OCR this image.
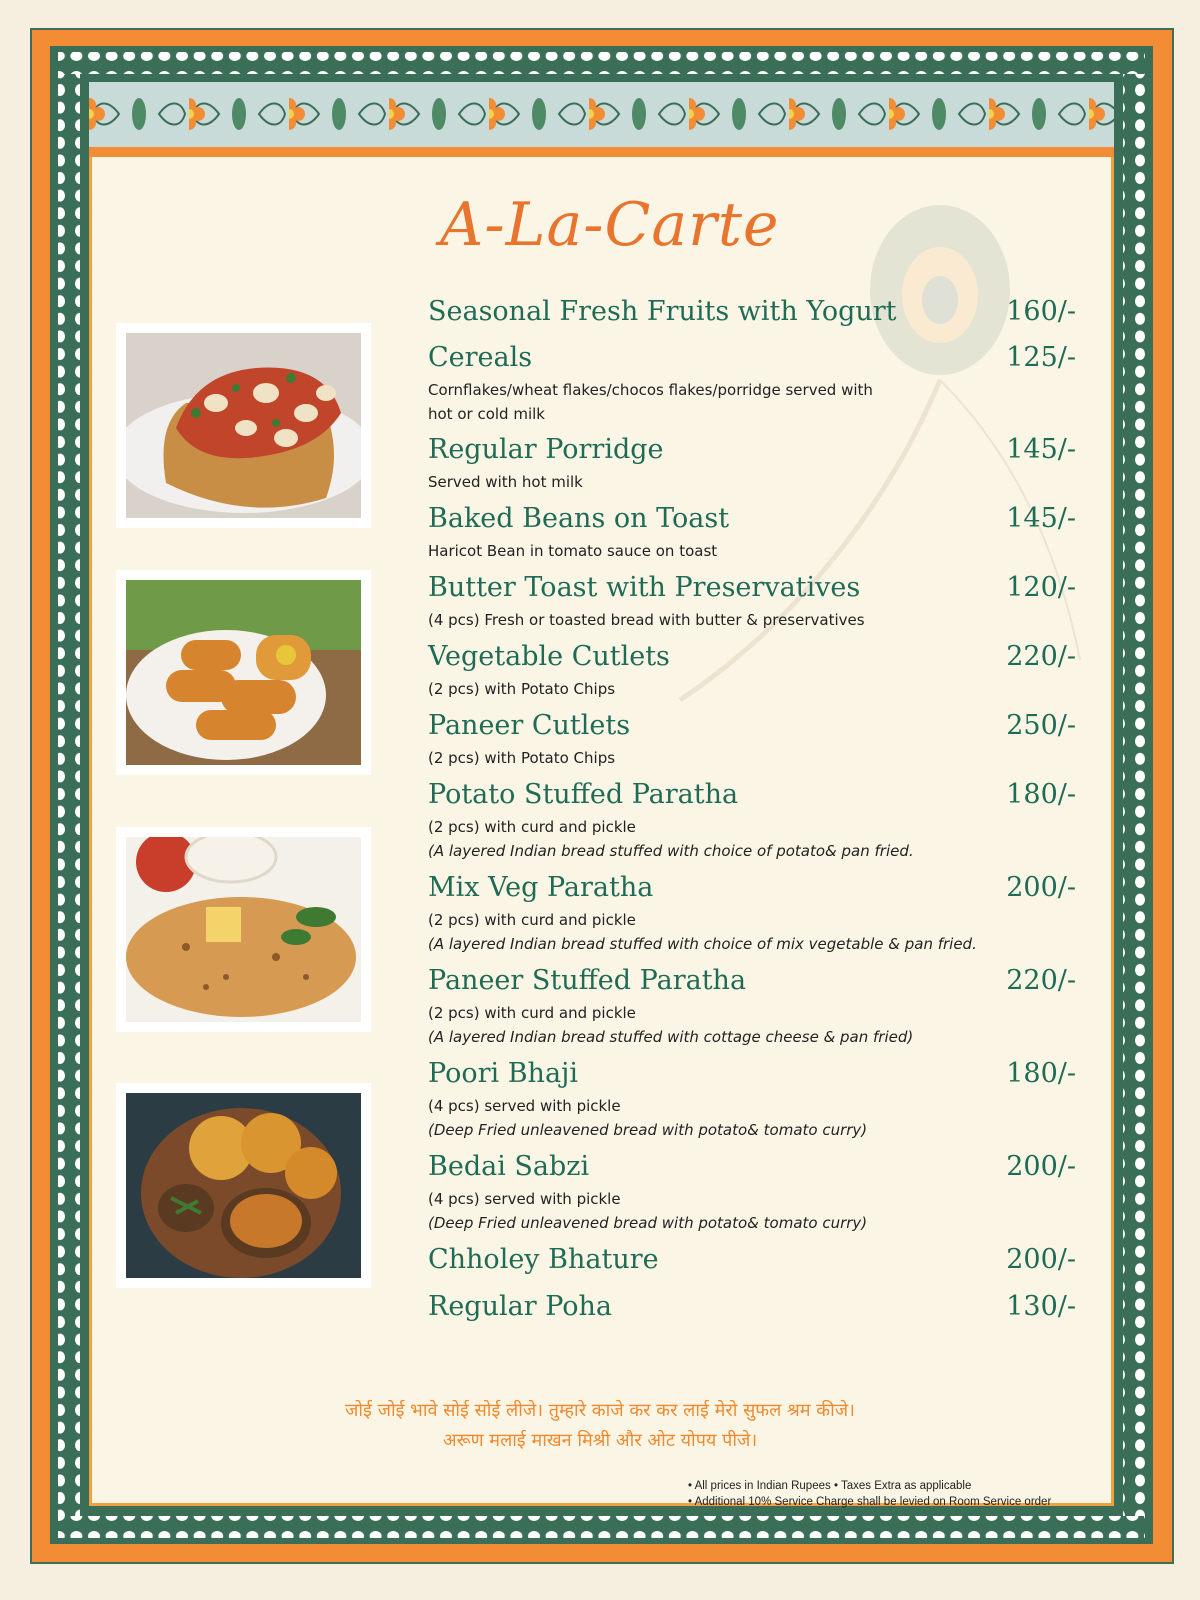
A-La-Carte
Seasonal Fresh Fruits with Yogurt	160/-
Cereals	125/-

Cornflakes/wheat flakes/chocos flakes/porridge served with hot or cold milk

Regular Porridge	145/-

Served with hot milk

Baked Beans on Toast	145/-

Haricot Bean in tomato sauce on toast

Butter Toast with Preservatives	120/-

(4 pcs) Fresh or toasted bread with butter & preservatives

Vegetable Cutlets	220/-

(2 pcs) with Potato Chips

Paneer Cutlets	250/-

(2 pcs) with Potato Chips

Potato Stuffed Paratha	180/-

(2 pcs) with curd and pickle

(A layered Indian bread stuffed with choice of potato& pan fried.
Mix Veg Paratha	200/-

(2 pcs) with curd and pickle

(A layered Indian bread stuffed with choice of mix vegetable & pan fried.
Paneer Stuffed Paratha	220/-

(2 pcs) with curd and pickle

(A layered Indian bread stuffed with cottage cheese & pan fried)
Poori Bhaji	180/-

(4 pcs) served with pickle

(Deep Fried unleavened bread with potato& tomato curry)
Bedai Sabzi	200/-

(4 pcs) served with pickle

(Deep Fried unleavened bread with potato& tomato curry)
Chholey Bhature	200/-
Regular Poha	130/-
जोई जोई भावे सोई सोई लीजे। तुम्हारे काजे कर कर लाई मेरो सुफल श्रम कीजे।
अरूण मलाई माखन मिश्री और ओट योपय पीजे।
• All prices in Indian Rupees • Taxes Extra as applicable
• Additional 10% Service Charge shall be levied on Room Service order
